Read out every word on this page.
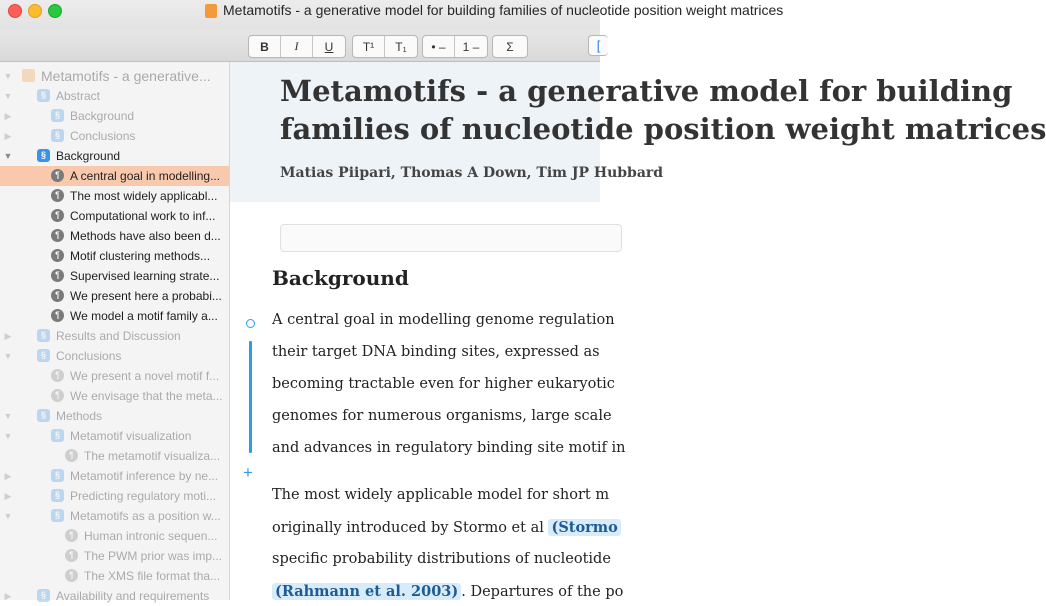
Metamotifs - a generative model for building families of nucleotide position weight matrices
B	I	U	T¹	T₁	• –	1 –	Σ	[
▼ Metamotifs - a generative...
▼	§ Abstract
▶	§ Background
▶	§ Conclusions
▼	§ Background
¶ A central goal in modelling...
¶ The most widely applicabl...
¶ Computational work to inf...
¶ Methods have also been d...
¶ Motif clustering methods...
¶ Supervised learning strate...
¶ We present here a probabi...
¶ We model a motif family a...
▶	§ Results and Discussion
▼	§ Conclusions
¶ We present a novel motif f...
¶ We envisage that the meta...
▼	§ Methods
▼	§ Metamotif visualization
¶ The metamotif visualiza...
▶	§ Metamotif inference by ne...
▶	§ Predicting regulatory moti...
▼	§ Metamotifs as a position w...
¶ Human intronic sequen...
¶ The PWM prior was imp...
¶ The XMS file format tha...
▶	§ Availability and requirements
Metamotifs - a generative model for building
families of nucleotide position weight matrices
Matias Piipari, Thomas A Down, Tim JP Hubbard
Background
+
A central goal in modelling genome regulation
their target DNA binding sites, expressed as
becoming tractable even for higher eukaryotic
genomes for numerous organisms, large scale
and advances in regulatory binding site motif in
The most widely applicable model for short m
originally introduced by Stormo et al (Stormo
specific probability distributions of nucleotide
(Rahmann et al. 2003) . Departures of the po
